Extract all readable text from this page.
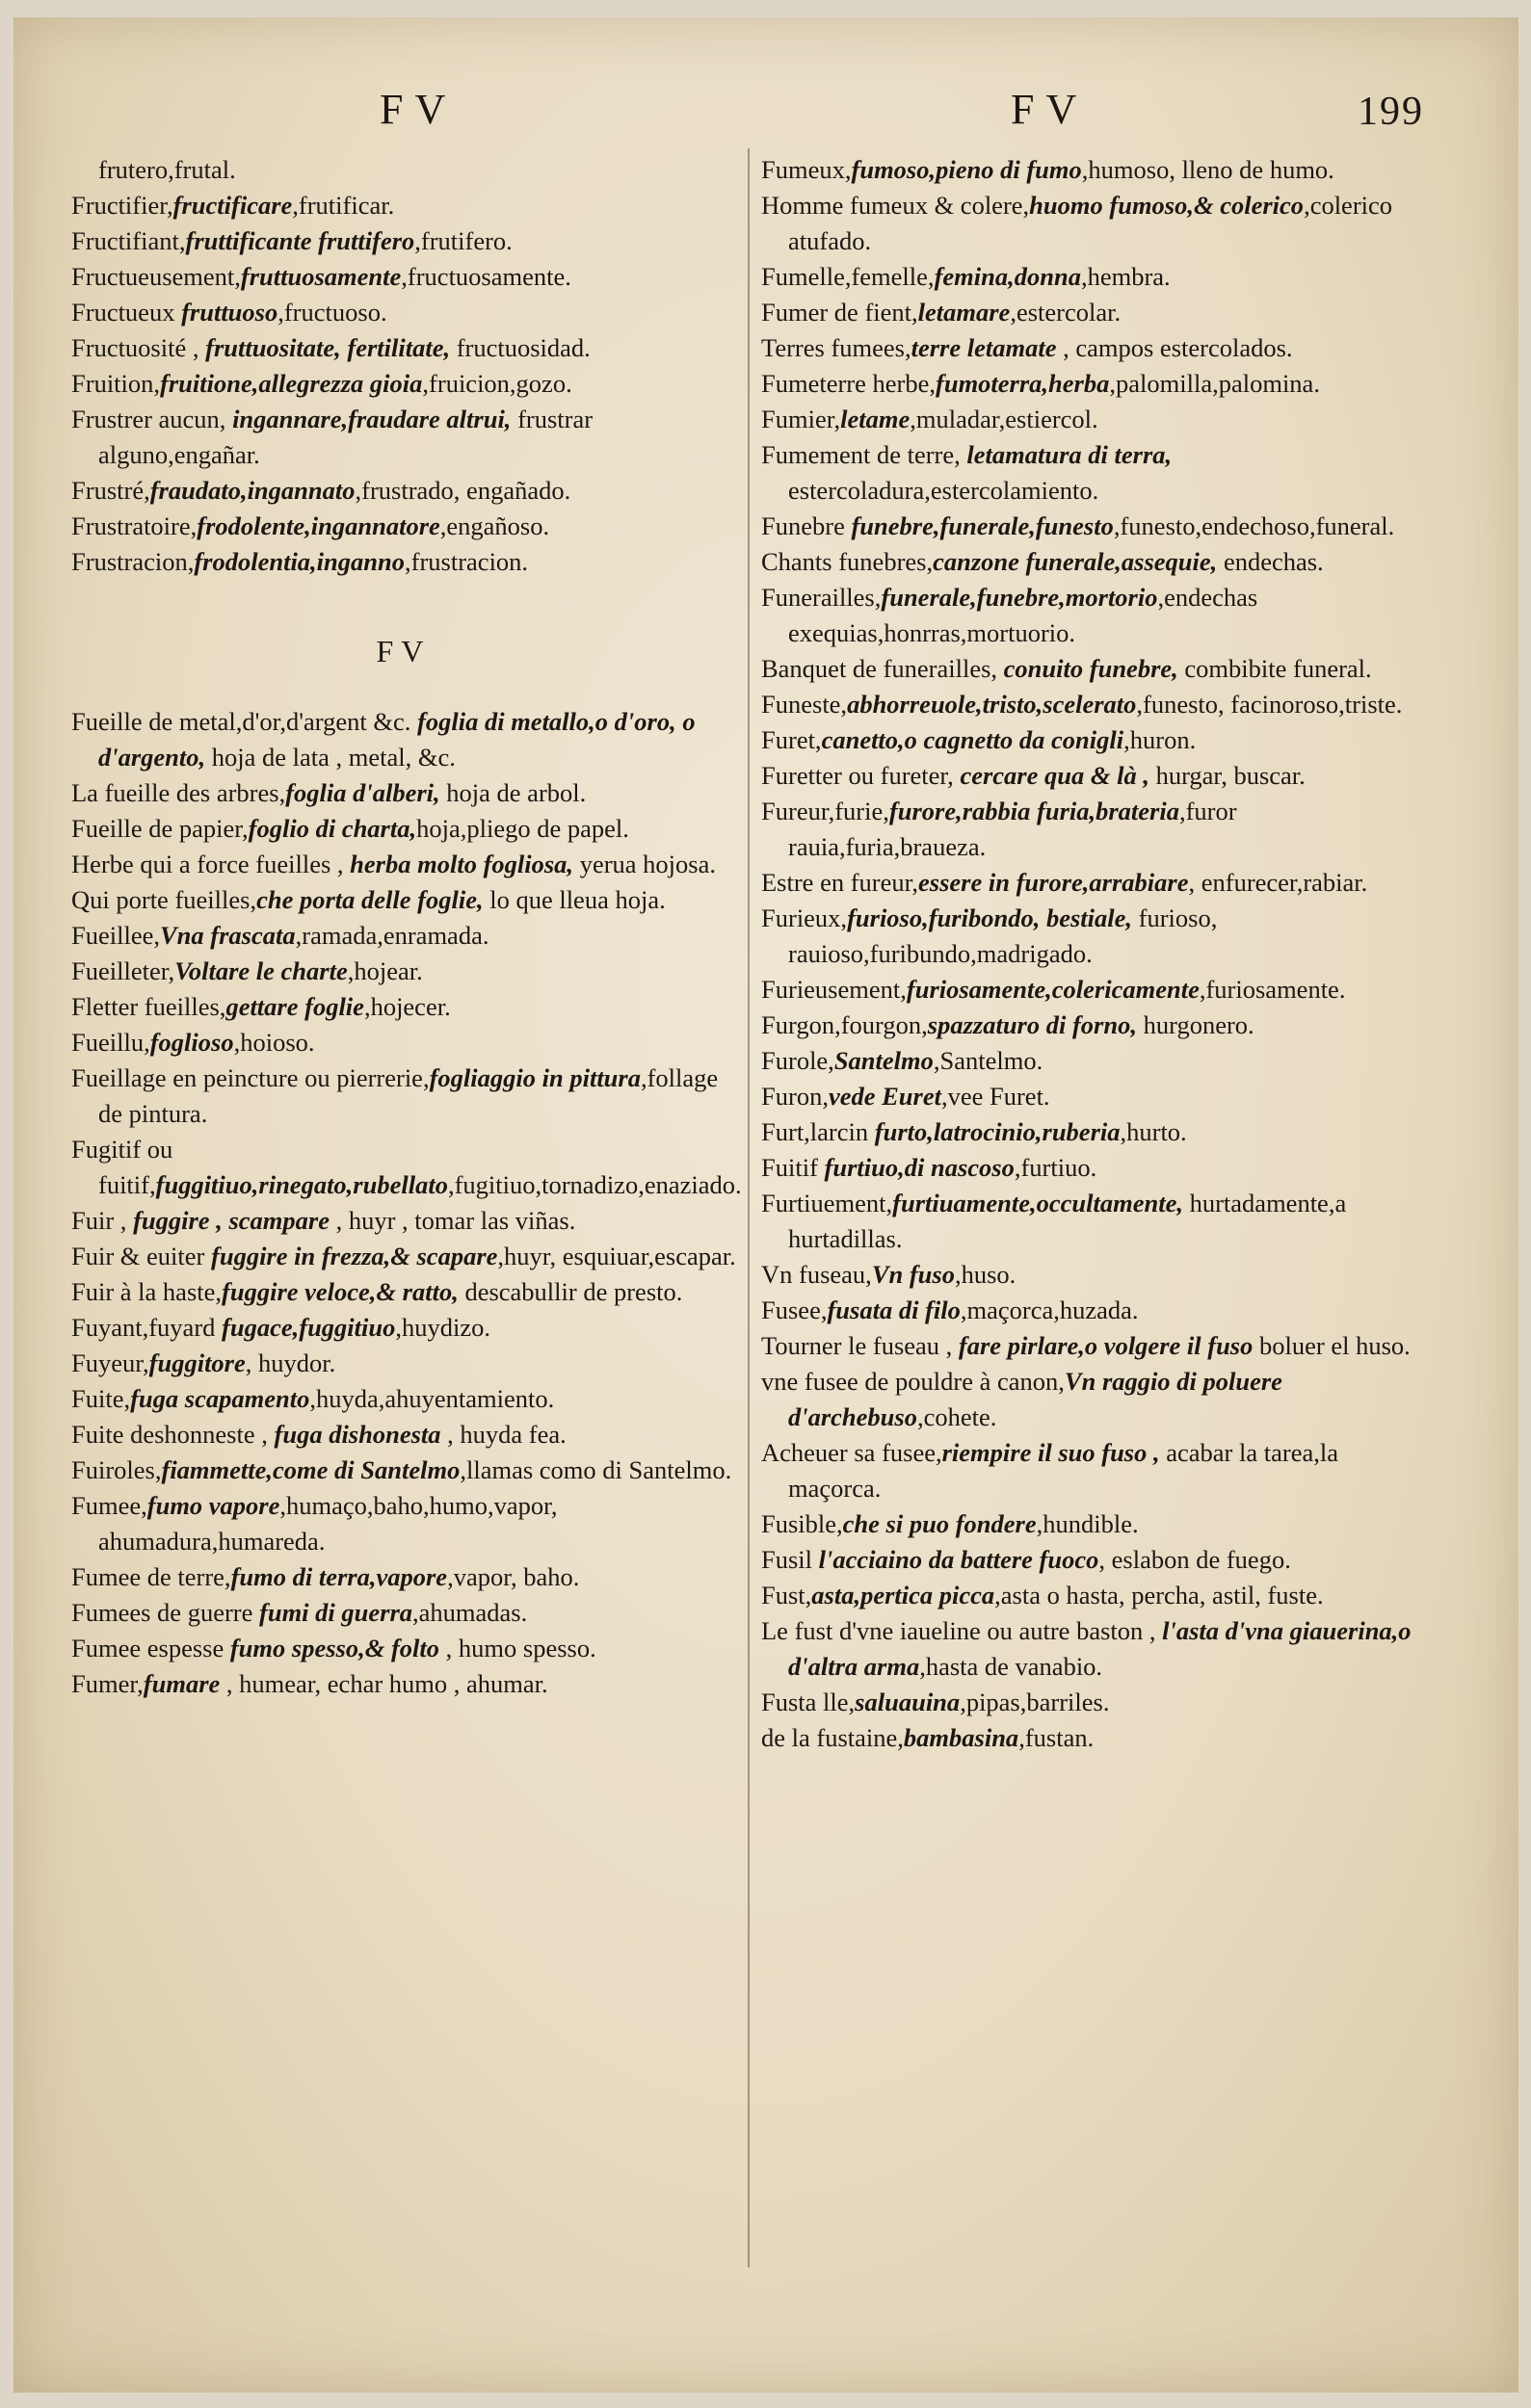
FV	FV	199

frutero,frutal.

Fructifier,fructificare,frutificar.

Fructifiant,fruttificante fruttifero,frutifero.

Fructueusement,fruttuosamente,fructuosamente.

Fructueux fruttuoso,fructuoso.

Fructuosité , fruttuositate, fertilitate, fructuosidad.

Fruition,fruitione,allegrezza gioia,fruicion,gozo.

Frustrer aucun, ingannare,fraudare altrui, frustrar alguno,engañar.

Frustré,fraudato,ingannato,frustrado, engañado.

Frustratoire,frodolente,ingannatore,engañoso.

Frustracion,frodolentia,inganno,frustracion.

FV

Fueille de metal,d'or,d'argent &c. foglia di metallo,o d'oro, o d'argento, hoja de lata , metal, &c.

La fueille des arbres,foglia d'alberi, hoja de arbol.

Fueille de papier,foglio di charta,hoja,pliego de papel.

Herbe qui a force fueilles , herba molto fogliosa, yerua hojosa.

Qui porte fueilles,che porta delle foglie, lo que lleua hoja.

Fueillee,Vna frascata,ramada,enramada.

Fueilleter,Voltare le charte,hojear.

Fletter fueilles,gettare foglie,hojecer.

Fueillu,foglioso,hoioso.

Fueillage en peincture ou pierrerie,fogliaggio in pittura,follage de pintura.

Fugitif ou fuitif,fuggitiuo,rinegato,rubellato,fugitiuo,tornadizo,enaziado.

Fuir , fuggire , scampare , huyr , tomar las viñas.

Fuir & euiter fuggire in frezza,& scapare,huyr, esquiuar,escapar.

Fuir à la haste,fuggire veloce,& ratto, descabullir de presto.

Fuyant,fuyard fugace,fuggitiuo,huydizo.

Fuyeur,fuggitore, huydor.

Fuite,fuga scapamento,huyda,ahuyentamiento.

Fuite deshonneste , fuga dishonesta , huyda fea.

Fuiroles,fiammette,come di Santelmo,llamas como di Santelmo.

Fumee,fumo vapore,humaço,baho,humo,vapor, ahumadura,humareda.

Fumee de terre,fumo di terra,vapore,vapor, baho.

Fumees de guerre fumi di guerra,ahumadas.

Fumee espesse fumo spesso,& folto , humo spesso.

Fumer,fumare , humear, echar humo , ahumar.

Fumeux,fumoso,pieno di fumo,humoso, lleno de humo.

Homme fumeux & colere,huomo fumoso,& colerico,colerico atufado.

Fumelle,femelle,femina,donna,hembra.

Fumer de fient,letamare,estercolar.

Terres fumees,terre letamate , campos estercolados.

Fumeterre herbe,fumoterra,herba,palomilla,palomina.

Fumier,letame,muladar,estiercol.

Fumement de terre, letamatura di terra, estercoladura,estercolamiento.

Funebre funebre,funerale,funesto,funesto,endechoso,funeral.

Chants funebres,canzone funerale,assequie, endechas.

Funerailles,funerale,funebre,mortorio,endechas exequias,honrras,mortuorio.

Banquet de funerailles, conuito funebre, combibite funeral.

Funeste,abhorreuole,tristo,scelerato,funesto, facinoroso,triste.

Furet,canetto,o cagnetto da conigli,huron.

Furetter ou fureter, cercare qua & là , hurgar, buscar.

Fureur,furie,furore,rabbia furia,brateria,furor rauia,furia,braueza.

Estre en fureur,essere in furore,arrabiare, enfurecer,rabiar.

Furieux,furioso,furibondo, bestiale, furioso, rauioso,furibundo,madrigado.

Furieusement,furiosamente,colericamente,furiosamente.

Furgon,fourgon,spazzaturo di forno, hurgonero.

Furole,Santelmo,Santelmo.

Furon,vede Euret,vee Furet.

Furt,larcin furto,latrocinio,ruberia,hurto.

Fuitif furtiuo,di nascoso,furtiuo.

Furtiuement,furtiuamente,occultamente, hurtadamente,a hurtadillas.

Vn fuseau,Vn fuso,huso.

Fusee,fusata di filo,maçorca,huzada.

Tourner le fuseau , fare pirlare,o volgere il fuso boluer el huso.

vne fusee de pouldre à canon,Vn raggio di poluere d'archebuso,cohete.

Acheuer sa fusee,riempire il suo fuso , acabar la tarea,la maçorca.

Fusible,che si puo fondere,hundible.

Fusil l'acciaino da battere fuoco, eslabon de fuego.

Fust,asta,pertica picca,asta o hasta, percha, astil, fuste.

Le fust d'vne iaueline ou autre baston , l'asta d'vna giauerina,o d'altra arma,hasta de vanabio.

Fusta lle,saluauina,pipas,barriles.

de la fustaine,bambasina,fustan.
